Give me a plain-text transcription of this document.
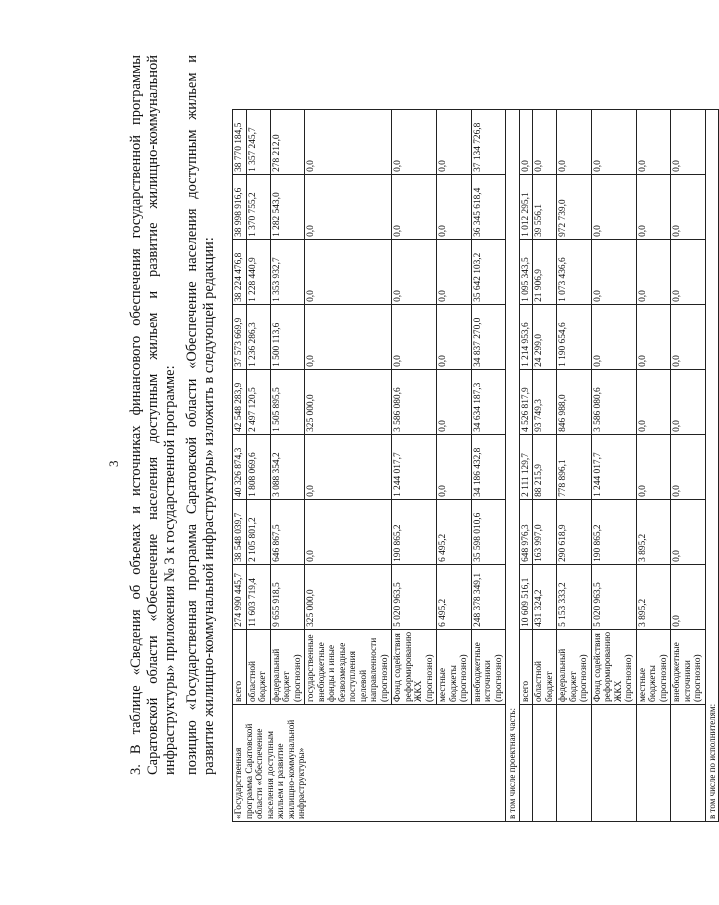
3 3. В таблице «Сведения об объемах и источниках финансового обеспечения государственной программы Саратовской области «Обеспечение населения доступным жильем и развитие жилищно-коммунальной инфраструктуры» приложения № 3 к государственной программе: позицию «Государственная программа Саратовской области «Обеспечение населения доступным жильем и развитие жилищно-коммунальной инфраструктуры» изложить в следующей редакции:
«Государственная программа Саратовской области «Обеспечение населения доступным жильем и развитие жилищно-коммунальной инфраструктуры»	всего	274 990 445,7	38 548 039,7	40 326 874,3	42 548 283,9	37 573 669,9	38 224 476,8	38 998 916,6	38 770 184,5
	областной бюджет	11 603 719,4	2 105 801,2	1 808 069,6	2 497 120,5	1 236 286,3	1 228 440,9	1 370 755,2	1 357 245,7
	федеральный бюджет (прогнозно)	9 655 918,5	646 867,5	3 088 354,2	1 505 895,5	1 500 113,6	1 353 932,7	1 282 543,0	278 212,0
	государственные внебюджетные фонды и иные безвозмездные поступления целевой направленности (прогнозно)	325 000,0	0,0	0,0	325 000,0	0,0	0,0	0,0	0,0
	Фонд содействия реформированию ЖКХ (прогнозно)	5 020 963,5	190 865,2	1 244 017,7	3 586 080,6	0,0	0,0	0,0	0,0
	местные бюджеты (прогнозно)	6 495,2	6 495,2	0,0	0,0	0,0	0,0	0,0	0,0
	внебюджетные источники (прогнозно)	248 378 349,1	35 598 010,6	34 186 432,8	34 634 187,3	34 837 270,0	35 642 103,2	36 345 618,4	37 134 726,8
в том числе проектная часть:									
	всего	10 609 516,1	648 976,3	2 111 129,7	4 526 817,9	1 214 953,6	1 095 343,5	1 012 295,1	0,0
	областной бюджет	431 324,2	163 997,0	88 215,9	93 749,3	24 299,0	21 906,9	39 556,1	0,0
	федеральный бюджет (прогнозно)	5 153 333,2	290 618,9	778 896,1	846 988,0	1 190 654,6	1 073 436,6	972 739,0	0,0
	Фонд содействия реформированию ЖКХ (прогнозно)	5 020 963,5	190 865,2	1 244 017,7	3 586 080,6	0,0	0,0	0,0	0,0
	местные бюджеты (прогнозно)	3 895,2	3 895,2	0,0	0,0	0,0	0,0	0,0	0,0
	внебюджетные источники (прогнозно)	0,0	0,0	0,0	0,0	0,0	0,0	0,0	0,0
в том числе по исполнителям:									
